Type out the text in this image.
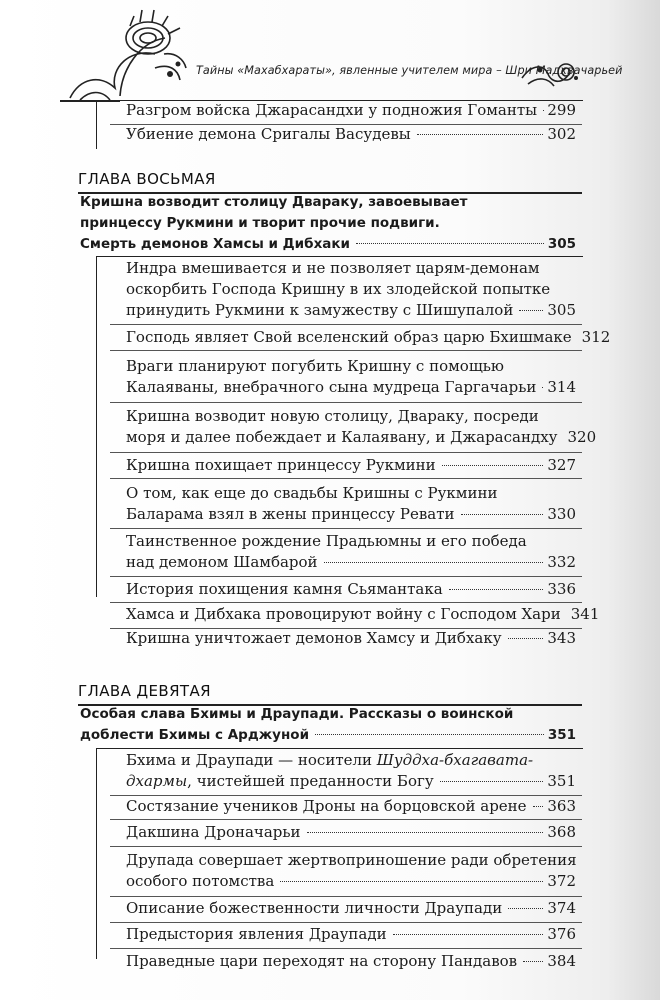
Тайны «Махабхараты», явленные учителем мира – Шри Мадхвачарьей
Разгром войска Джарасандхи у подножия Гоманты 299
Убиение демона Сригалы Васудевы	302
ГЛАВА ВОСЬМАЯ
Кришна возводит столицу Двараку, завоевывает
принцессу Рукмини и творит прочие подвиги.
Смерть демонов Хамсы и Дибхаки	305
Индра вмешивается и не позволяет царям-демонам
оскорбить Господа Кришну в их злодейской попытке
принудить Рукмини к замужеству с Шишупалой 305
Господь являет Свой вселенский образ царю Бхишмаке 312
Враги планируют погубить Кришну с помощью
Калаяваны, внебрачного сына мудреца Гаргачарьи 314
Кришна возводит новую столицу, Двараку, посреди
моря и далее побеждает и Калаявану, и Джарасандху 320
Кришна похищает принцессу Рукмини	327
О том, как еще до свадьбы Кришны с Рукмини
Баларама взял в жены принцессу Ревати	330
Таинственное рождение Прадьюмны и его победа
над демоном Шамбарой	332
История похищения камня Сьямантака	336
Хамса и Дибхака провоцируют войну с Господом Хари 341
Кришна уничтожает демонов Хамсу и Дибхаку	343
ГЛАВА ДЕВЯТАЯ
Особая слава Бхимы и Драупади. Рассказы о воинской
доблести Бхимы с Арджуной	351
Бхима и Драупади — носители Шуддха-бхагавата-
дхармы, чистейшей преданности Богу	351
Состязание учеников Дроны на борцовской арене 363
Дакшина Дроначарьи	368
Друпада совершает жертвоприношение ради обретения
особого потомства	372
Описание божественности личности Драупади	374
Предыстория явления Драупади	376
Праведные цари переходят на сторону Пандавов 384
